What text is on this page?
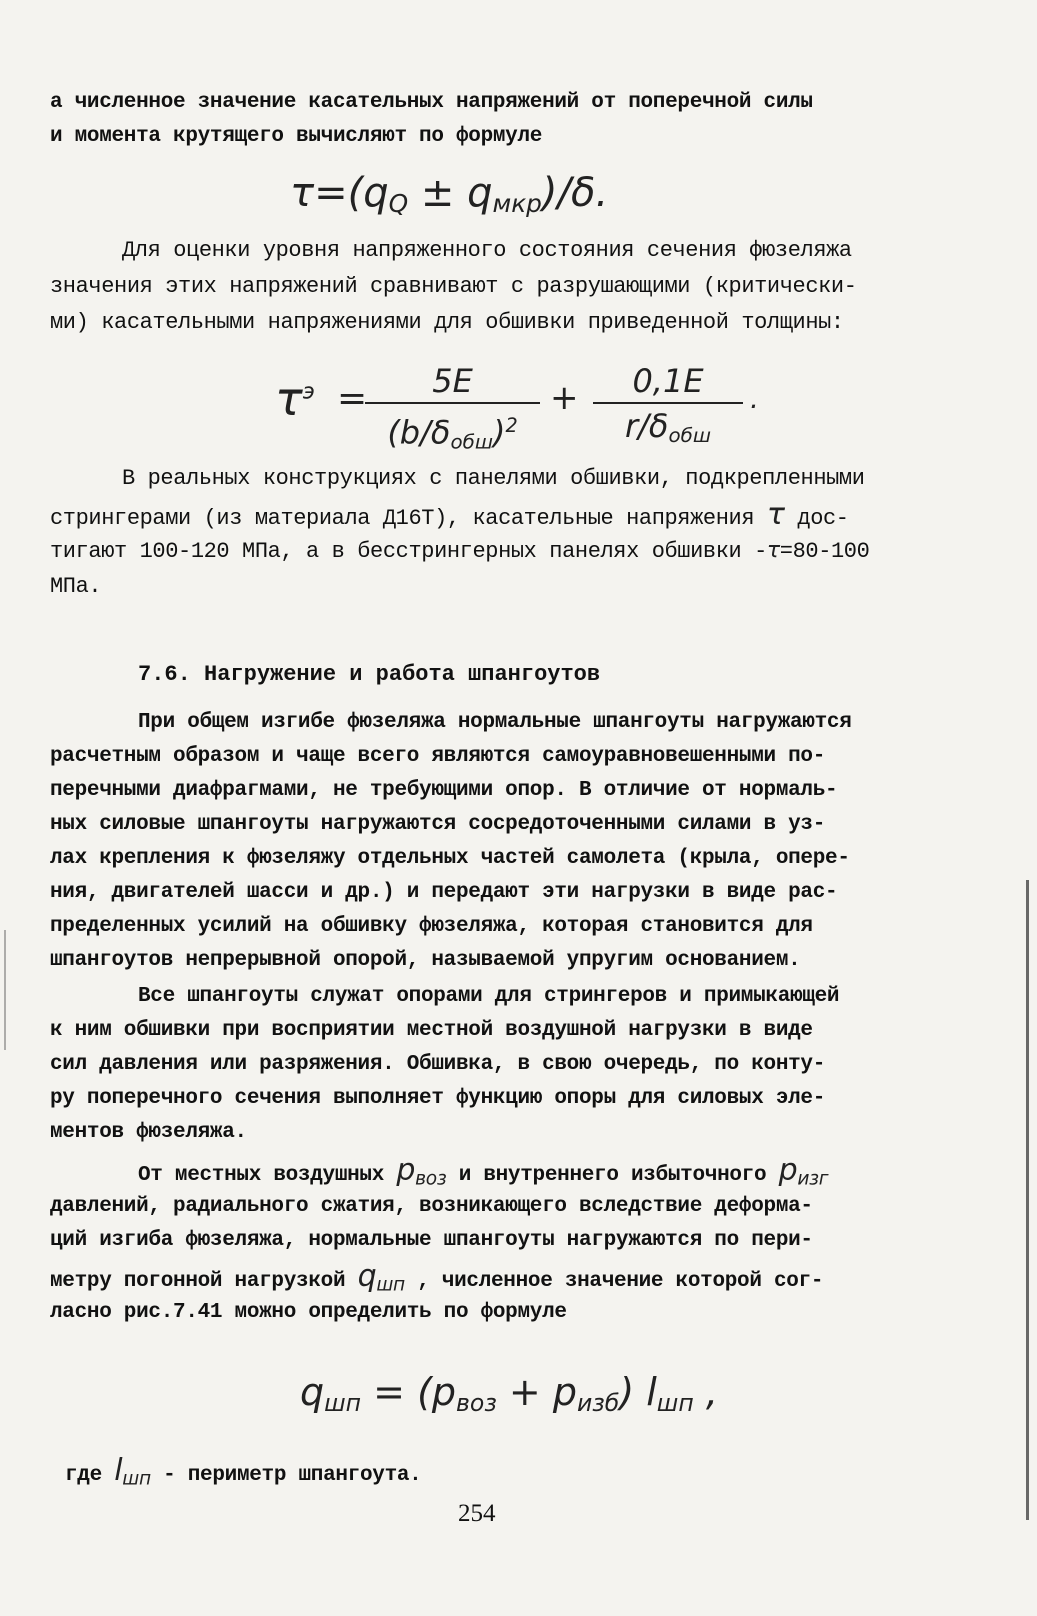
а численное значение касательных напряжений от поперечной силы
и момента крутящего вычисляют по формуле
$\tau=(q_Q \pm q_{мкр})/\delta$.
Для оценки уровня напряженного состояния сечения фюзеляжа
значения этих напряжений сравнивают с разрушающими (критически-
ми) касательными напряжениями для обшивки приведенной толщины:
$\tau^э$ =	5E
$(b/\delta_{обш})^2$
+	0,1E
$r/\delta_{обш}$
.
В реальных конструкциях с панелями обшивки, подкрепленными
стрингерами (из материала Д16Т), касательные напряжения τ дос-
тигают 100-120 МПа, а в бесстрингерных панелях обшивки -τ=80-100
МПа.
7.6. Нагружение и работа шпангоутов
При общем изгибе фюзеляжа нормальные шпангоуты нагружаются
расчетным образом и чаще всего являются самоуравновешенными по-
перечными диафрагмами, не требующими опор. В отличие от нормаль-
ных силовые шпангоуты нагружаются сосредоточенными силами в уз-
лах крепления к фюзеляжу отдельных частей самолета (крыла, опере-
ния, двигателей шасси и др.) и передают эти нагрузки в виде рас-
пределенных усилий на обшивку фюзеляжа, которая становится для
шпангоутов непрерывной опорой, называемой упругим основанием.
Все шпангоуты служат опорами для стрингеров и примыкающей
к ним обшивки при восприятии местной воздушной нагрузки в виде
сил давления или разряжения. Обшивка, в свою очередь, по конту-
ру поперечного сечения выполняет функцию опоры для силовых эле-
ментов фюзеляжа.
От местных воздушных $p_{воз}$ и внутреннего избыточного $p_{изг}$
давлений, радиального сжатия, возникающего вследствие деформа-
ций изгиба фюзеляжа, нормальные шпангоуты нагружаются по пери-
метру погонной нагрузкой $q_{шп}$ , численное значение которой сог-
ласно рис.7.41 можно определить по формуле
$q_{шп} = (p_{воз} + p_{изб})$ $l_{шп}$ ,
где $l_{шп}$ - периметр шпангоута.
254
